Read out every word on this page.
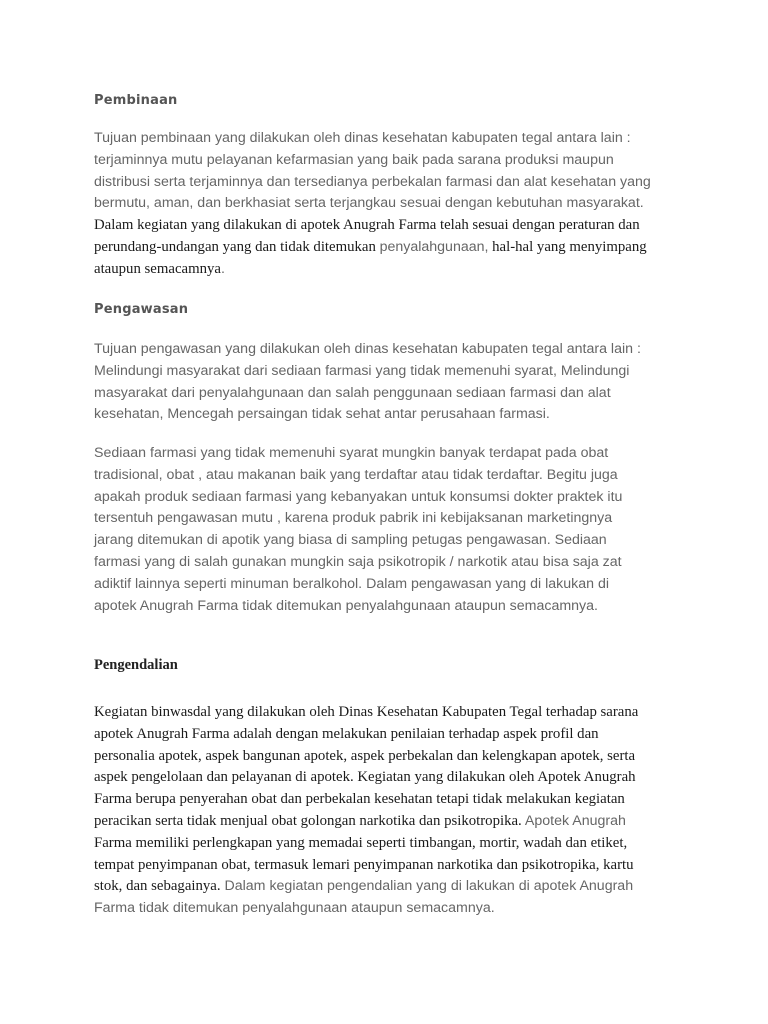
Pembinaan
Tujuan pembinaan yang dilakukan oleh dinas kesehatan kabupaten tegal antara lain :
terjaminnya mutu pelayanan kefarmasian yang baik pada sarana produksi maupun
distribusi serta terjaminnya dan tersedianya perbekalan farmasi dan alat kesehatan yang
bermutu, aman, dan berkhasiat serta terjangkau sesuai dengan kebutuhan masyarakat.
Dalam kegiatan yang dilakukan di apotek Anugrah Farma telah sesuai dengan peraturan dan
perundang-undangan yang dan tidak ditemukan penyalahgunaan, hal-hal yang menyimpang
ataupun semacamnya.
Pengawasan
Tujuan pengawasan yang dilakukan oleh dinas kesehatan kabupaten tegal antara lain :
Melindungi masyarakat dari sediaan farmasi yang tidak memenuhi syarat, Melindungi
masyarakat dari penyalahgunaan dan salah penggunaan sediaan farmasi dan alat
kesehatan, Mencegah persaingan tidak sehat antar perusahaan farmasi.
Sediaan farmasi yang tidak memenuhi syarat mungkin banyak terdapat pada obat
tradisional, obat , atau makanan baik yang terdaftar atau tidak terdaftar. Begitu juga
apakah produk sediaan farmasi yang kebanyakan untuk konsumsi dokter praktek itu
tersentuh pengawasan mutu , karena produk pabrik ini kebijaksanan marketingnya
jarang ditemukan di apotik yang biasa di sampling petugas pengawasan. Sediaan
farmasi yang di salah gunakan mungkin saja psikotropik / narkotik atau bisa saja zat
adiktif lainnya seperti minuman beralkohol. Dalam pengawasan yang di lakukan di
apotek Anugrah Farma tidak ditemukan penyalahgunaan ataupun semacamnya.
Pengendalian
Kegiatan binwasdal yang dilakukan oleh Dinas Kesehatan Kabupaten Tegal terhadap sarana
apotek Anugrah Farma adalah dengan melakukan penilaian terhadap aspek profil dan
personalia apotek, aspek bangunan apotek, aspek perbekalan dan kelengkapan apotek, serta
aspek pengelolaan dan pelayanan di apotek. Kegiatan yang dilakukan oleh Apotek Anugrah
Farma berupa penyerahan obat dan perbekalan kesehatan tetapi tidak melakukan kegiatan
peracikan serta tidak menjual obat golongan narkotika dan psikotropika. Apotek Anugrah
Farma memiliki perlengkapan yang memadai seperti timbangan, mortir, wadah dan etiket,
tempat penyimpanan obat, termasuk lemari penyimpanan narkotika dan psikotropika, kartu
stok, dan sebagainya. Dalam kegiatan pengendalian yang di lakukan di apotek Anugrah
Farma tidak ditemukan penyalahgunaan ataupun semacamnya.
